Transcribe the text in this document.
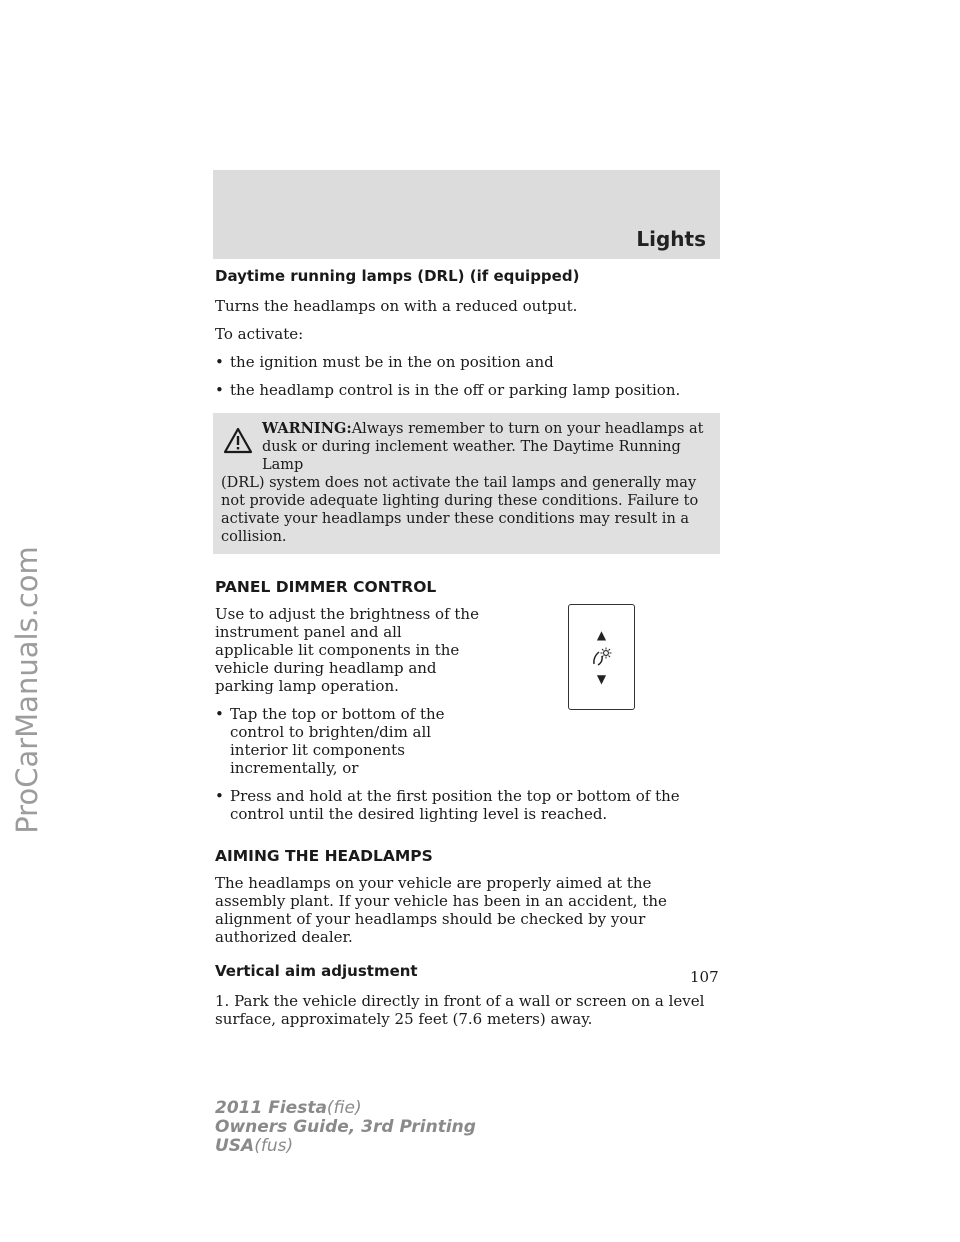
ProCarManuals.com
Lights
Daytime running lamps (DRL) (if equipped)

Turns the headlamps on with a reduced output.

To activate:

• the ignition must be in the on position and
• the headlamp control is in the off or parking lamp position.
WARNING:Always remember to turn on your headlamps at
dusk or during inclement weather. The Daytime Running Lamp
(DRL) system does not activate the tail lamps and generally may not provide adequate lighting during these conditions. Failure to activate your headlamps under these conditions may result in a collision.
PANEL DIMMER CONTROL

Use to adjust the brightness of the instrument panel and all applicable lit components in the vehicle during headlamp and parking lamp operation.

• Tap the top or bottom of the control to brighten/dim all interior lit components incrementally, or
▲
▼
• Press and hold at the first position the top or bottom of the control until the desired lighting level is reached.
AIMING THE HEADLAMPS

The headlamps on your vehicle are properly aimed at the assembly plant. If your vehicle has been in an accident, the alignment of your headlamps should be checked by your authorized dealer.

Vertical aim adjustment

1. Park the vehicle directly in front of a wall or screen on a level surface, approximately 25 feet (7.6 meters) away.

107
2011 Fiesta(fie)
Owners Guide, 3rd Printing
USA(fus)
